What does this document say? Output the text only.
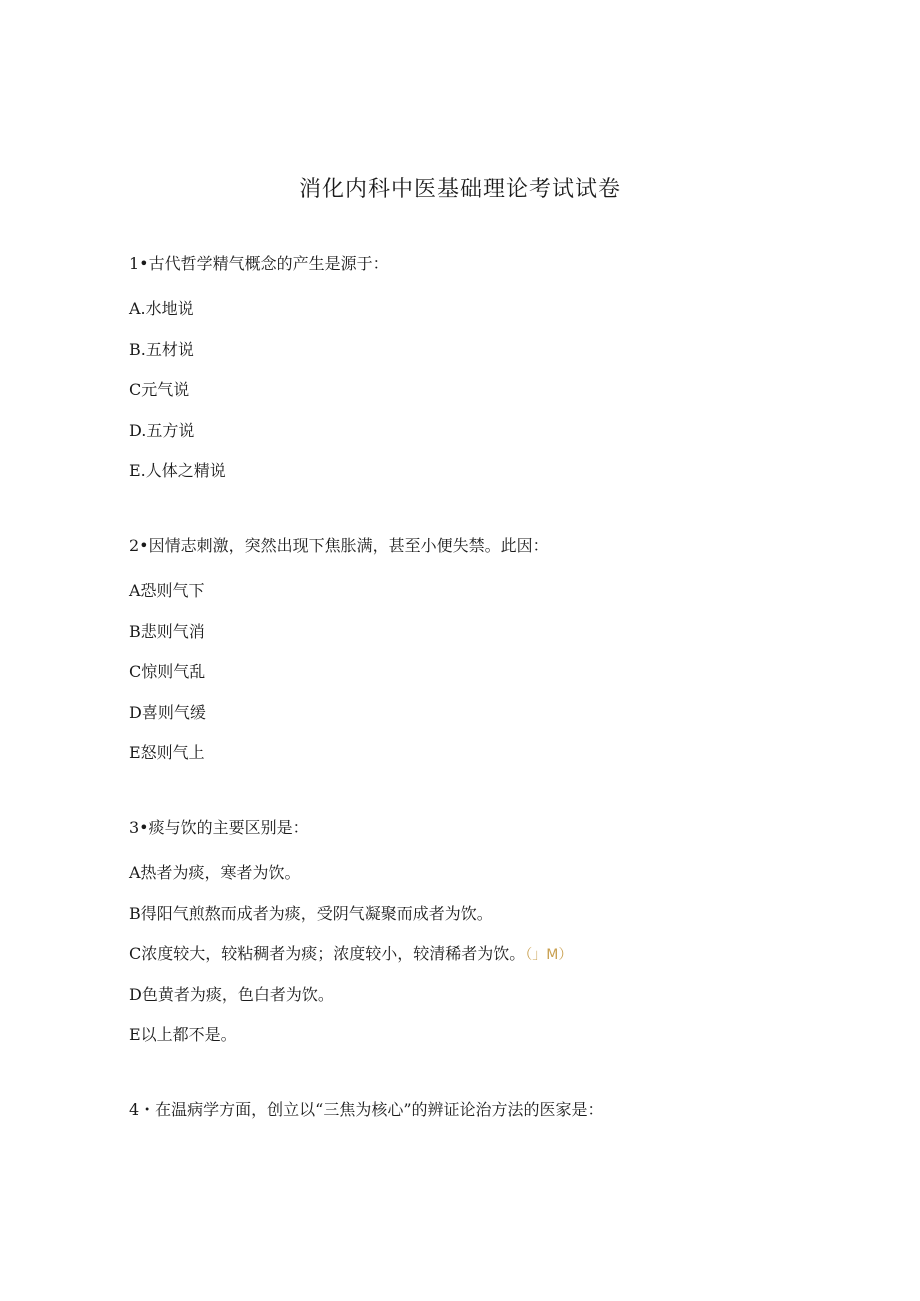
消化内科中医基础理论考试试卷
1•古代哲学精气概念的产生是源于：
A.水地说
B.五材说
C元气说
D.五方说
E.人体之精说
2•因情志刺激，突然出现下焦胀满，甚至小便失禁。此因：
A恐则气下
B悲则气消
C惊则气乱
D喜则气缓
E怒则气上
3•痰与饮的主要区别是：
A热者为痰，寒者为饮。
B得阳气煎熬而成者为痰，受阴气凝聚而成者为饮。
C浓度较大，较粘稠者为痰；浓度较小，较清稀者为饮。（」M）
D色黄者为痰，色白者为饮。
E以上都不是。
4・在温病学方面，创立以“三焦为核心”的辨证论治方法的医家是：
